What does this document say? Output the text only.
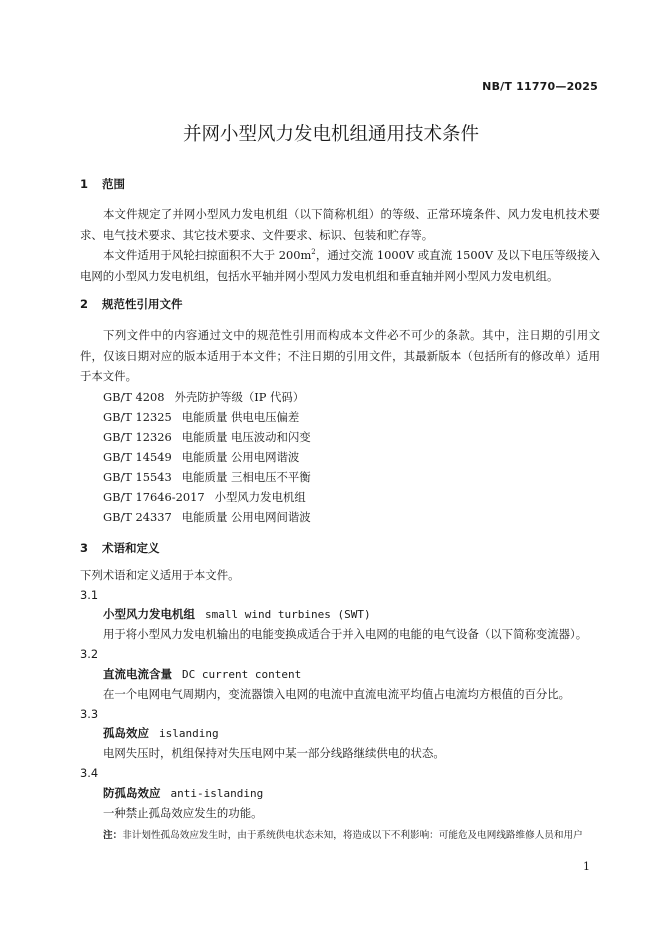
NB/T 11770—2025
并网小型风力发电机组通用技术条件
1 范围
本文件规定了并网小型风力发电机组（以下简称机组）的等级、正常环境条件、风力发电机技术要求、电气技术要求、其它技术要求、文件要求、标识、包装和贮存等。
本文件适用于风轮扫掠面积不大于 $200m^2$，通过交流 1000V 或直流 1500V 及以下电压等级接入电网的小型风力发电机组，包括水平轴并网小型风力发电机组和垂直轴并网小型风力发电机组。
2 规范性引用文件
下列文件中的内容通过文中的规范性引用而构成本文件必不可少的条款。其中，注日期的引用文件，仅该日期对应的版本适用于本文件；不注日期的引用文件，其最新版本（包括所有的修改单）适用于本文件。
GB/T 4208 外壳防护等级（IP 代码）
GB/T 12325 电能质量 供电电压偏差
GB/T 12326 电能质量 电压波动和闪变
GB/T 14549 电能质量 公用电网谐波
GB/T 15543 电能质量 三相电压不平衡
GB/T 17646-2017 小型风力发电机组
GB/T 24337 电能质量 公用电网间谐波
3 术语和定义
下列术语和定义适用于本文件。
3.1
小型风力发电机组 small wind turbines (SWT)
用于将小型风力发电机输出的电能变换成适合于并入电网的电能的电气设备（以下简称变流器）。
3.2
直流电流含量 DC current content
在一个电网电气周期内，变流器馈入电网的电流中直流电流平均值占电流均方根值的百分比。
3.3
孤岛效应 islanding
电网失压时，机组保持对失压电网中某一部分线路继续供电的状态。
3.4
防孤岛效应 anti-islanding
一种禁止孤岛效应发生的功能。
注：非计划性孤岛效应发生时，由于系统供电状态未知，将造成以下不利影响：可能危及电网线路维修人员和用户
1
